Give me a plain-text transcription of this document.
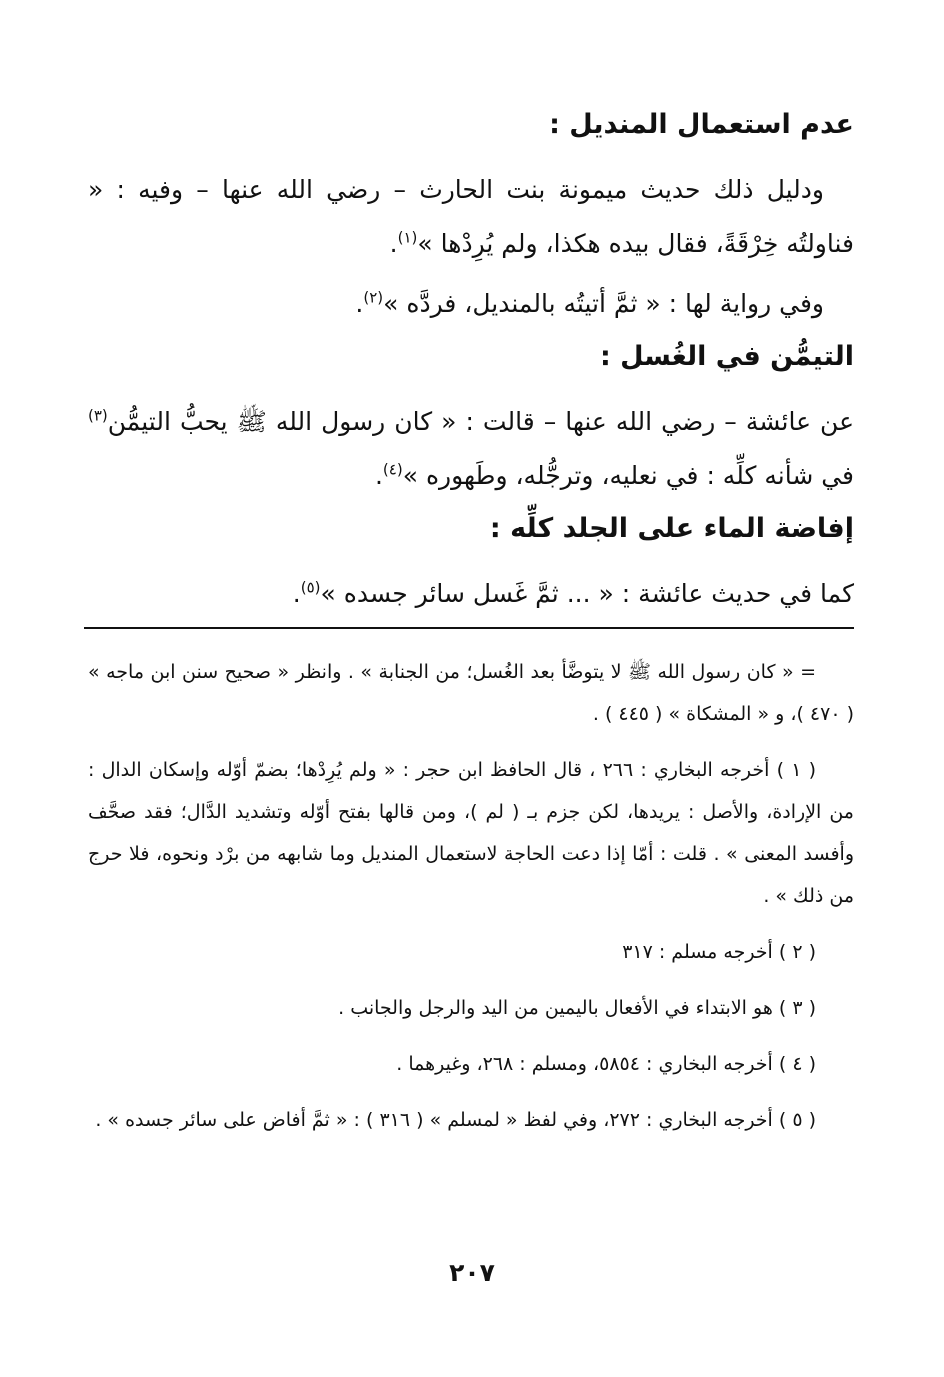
عدم استعمال المنديل :

ودليل ذلك حديث ميمونة بنت الحارث – رضي الله عنها – وفيه : « فناولتُه خِرْقَةً، فقال بيده هكذا، ولم يُرِدْها »$^{(١)}$.

وفي رواية لها : « ثمَّ أتيتُه بالمنديل، فردَّه »$^{(٢)}$.

التيمُّن في الغُسل :

عن عائشة – رضي الله عنها – قالت : « كان رسول الله ﷺ يحبُّ التيمُّن$^{(٣)}$ في شأنه كلِّه : في نعليه، وترجُّله، وطَهوره »$^{(٤)}$.

إفاضة الماء على الجلد كلِّه :

كما في حديث عائشة : « ... ثمَّ غَسل سائر جسده »$^{(٥)}$.

= « كان رسول الله ﷺ لا يتوضَّأ بعد الغُسل؛ من الجنابة » . وانظر « صحيح سنن ابن ماجه » ( ٤٧٠ )، و « المشكاة » ( ٤٤٥ ) .

( ١ ) أخرجه البخاري : ٢٦٦ ، قال الحافظ ابن حجر : « ولم يُرِدْها؛ بضمّ أوّله وإسكان الدال : من الإرادة، والأصل : يريدها، لكن جزم بـ ( لم )، ومن قالها بفتح أوّله وتشديد الدَّال؛ فقد صحَّف وأفسد المعنى » . قلت : أمّا إذا دعت الحاجة لاستعمال المنديل وما شابهه من برْد ونحوه، فلا حرج من ذلك » .

( ٢ ) أخرجه مسلم : ٣١٧

( ٣ ) هو الابتداء في الأفعال باليمين من اليد والرجل والجانب .

( ٤ ) أخرجه البخاري : ٥٨٥٤، ومسلم : ٢٦٨، وغيرهما .

( ٥ ) أخرجه البخاري : ٢٧٢، وفي لفظ « لمسلم » ( ٣١٦ ) : « ثمَّ أفاض على سائر جسده » .

٢٠٧
